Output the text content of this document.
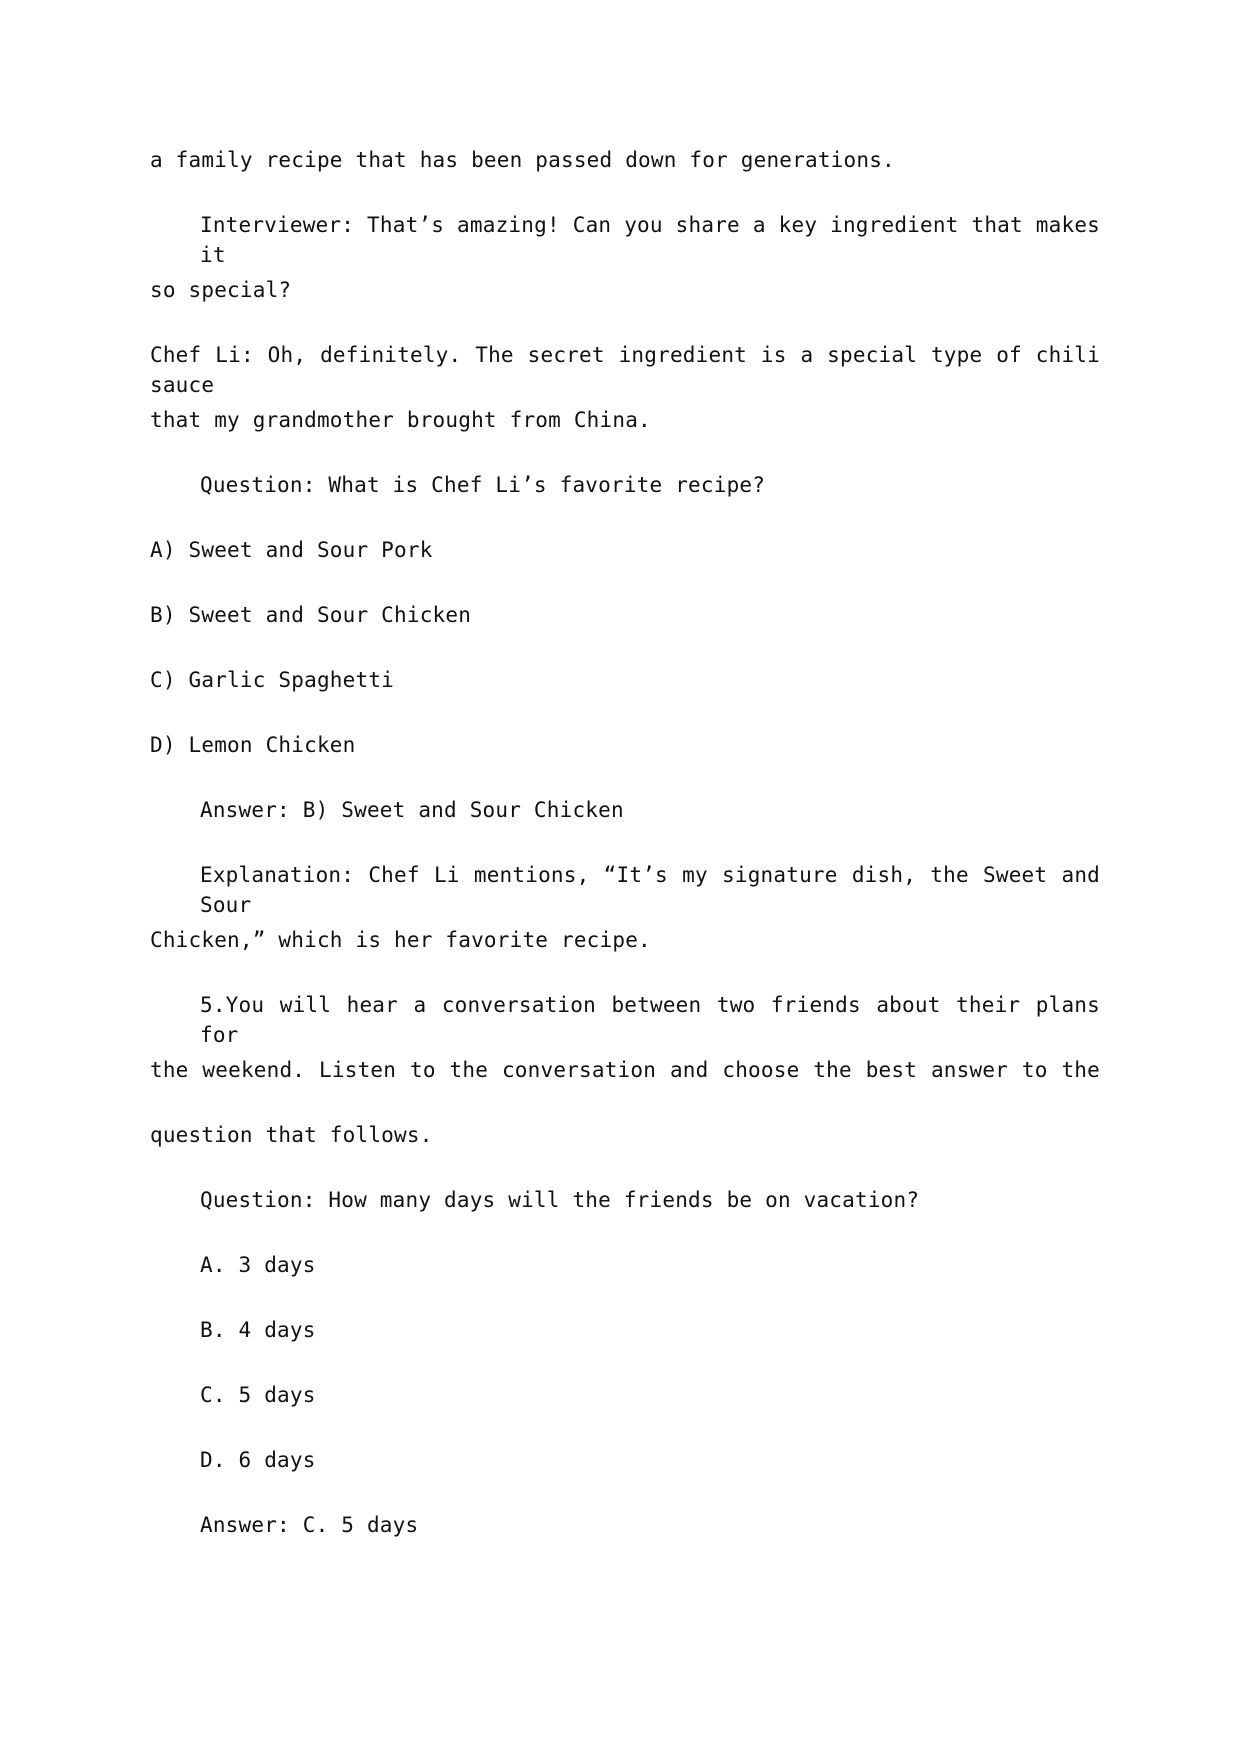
a family recipe that has been passed down for generations.
Interviewer: That’s amazing! Can you share a key ingredient that makes it
so special?
Chef Li: Oh, definitely. The secret ingredient is a special type of chili sauce
that my grandmother brought from China.
Question: What is Chef Li’s favorite recipe?
A) Sweet and Sour Pork
B) Sweet and Sour Chicken
C) Garlic Spaghetti
D) Lemon Chicken
Answer: B) Sweet and Sour Chicken
Explanation: Chef Li mentions, “It’s my signature dish, the Sweet and Sour
Chicken,” which is her favorite recipe.
5.You will hear a conversation between two friends about their plans for
the weekend. Listen to the conversation and choose the best answer to the
question that follows.
Question: How many days will the friends be on vacation?
A. 3 days
B. 4 days
C. 5 days
D. 6 days
Answer: C. 5 days
